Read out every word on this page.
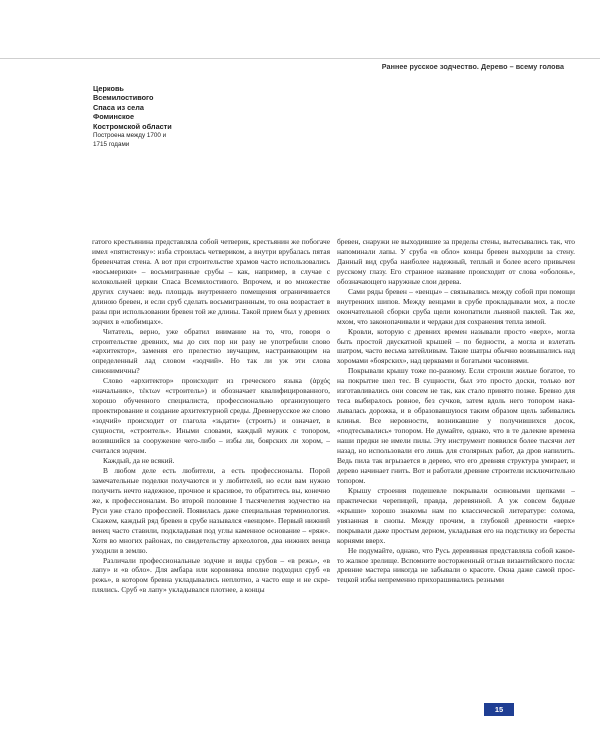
Раннее русское зодчество. Дерево – всему голова
Церковь Всемилостивого Спаса из села Фоминское Костромской области
Построена между 1700 и 1715 годами

гатого крестьянина представляла собой четверик, крестьянин же побогаче имел «пятистенку»: изба строилась четвериком, а внутри врубалась пятая бревенчатая стена. А вот при строительстве храмов часто использовались «восьмерики» – восьмигранные срубы – как, например, в случае с колокольней церкви Спаса Всемилостивого. Впрочем, и во множестве других случаев: ведь площадь внутреннего помещения ограничивается длиною бревен, и если сруб сделать восьмиграннным, то она возрастает в разы при использовании бревен той же длины. Такой прием был у древних зодчих в «любимцах».

Читатель, верно, уже обратил внимание на то, что, говоря о строительстве древних, мы до сих пор ни разу не употребили слово «архитектор», заменяя его прелестно звучащим, настраивающим на определенный лад словом «зодчий». Но так ли уж эти слова синонимичны?

Слово «архитектор» происходит из греческого языка (ἀρχός «начальник», τέκτων «строитель») и обозначает квалифицированного, хорошо обученного специалиста, профессионально организующего проектирование и создание архитектурной среды. Древнерусское же слово «зодчий» происходит от глагола «зьдати» (строить) и означает, в сущности, «строитель». Иными словами, каждый мужик с топором, возившийся за сооружение чего-либо – избы ли, боярских ли хором, – считался зодчим.

Каждый, да не всякий.

В любом деле есть любители, а есть профессионалы. Порой замечательные поделки получаются и у любителей, но если вам нужно получить нечто надежное, прочное и красивое, то обратитесь вы, конечно же, к профессионалам. Во второй половине I тысячелетия зодчество на Руси уже стало профессией. Появилась даже специальная терминология. Скажем, каждый ряд бревен в срубе называлcя «венцом». Первый нижний венец часто ставили, подкладывая под углы каменное основание – «ряж». Хотя во многих районах, по свидетельству археологов, два нижних венца уходили в землю.

Различали профессиональные зодчие и виды срубов – «в режь», «в лапу» и «в обло». Для амбара или коровника вполне подходил сруб «в режь», в котором бревна укладывались неплотно, а часто еще и не скреплялись. Сруб «в лапу» укладывался плотнее, а концы

бревен, снаружи не выходившие за пределы стены, вытесывались так, что напоминали лапы. У сруба «в обло» концы бревен выходили за стену. Данный вид сруба наиболее надежный, теплый и более всего привычен русскому глазу. Его странное название происходит от слова «оболонь», обозначающего наружные слои дерева.

Сами ряды бревен – «венцы» – связывались между собой при помощи внутренних шипов. Между венцами в срубе прокладывали мох, а после окончательной сборки сруба щели конопатили льняной паклей. Так же, мхом, что законопачивали и чердаки для сохранения тепла зимой.

Кровли, которую с древних времен называли просто «верх», могла быть простой двускатной крышей – по бедности, а могла и взлетать шатром, часто весьма затейливым. Такие шатры обычно возвышались над хоромами «боярских», над церквами и богатыми часовнями.

Покрывали крышу тоже по-разному. Если строили жилые богатое, то на покрытие шел тес. В сущности, был это просто доски, только вот изготавливались они совсем не так, как стало принято позже. Бревно для теса выбиралось ровное, без сучков, затем вдоль него топором накалывалась дорожка, и в образовавшуюся таким образом щель забивались клинья. Все неровности, возникавшие у получившихся досок, «подтесывались» топором. Не думайте, однако, что в те далекие времена наши предки не имели пилы. Эту инструмент появился более тысячи лет назад, но использовали его лишь для столярных работ, да дров напилить. Ведь пила так вгрызается в дерево, что его древняя структура умирает, и дерево начинает гнить. Вот и работали древние строители исключительно топором.

Крышу строения подешевле покрывали осиновыми щепками – практически черепицей, правда, деревянной. А уж совсем бедные «крыши» хорошо знакомы нам по классической литературе: солома, увязанная в снопы. Между прочим, в глубокой древности «верх» покрывали даже простым дерном, укладывая его на подстилку из бересты корнями вверх.

Не подумайте, однако, что Русь деревянная представляла собой какое-то жалкое зрелище. Вспомните восторженный отзыв византийского посла: древние мастера никогда не забывали о красоте. Окна даже самой простецкой избы непременно прихорашивались резными

15
